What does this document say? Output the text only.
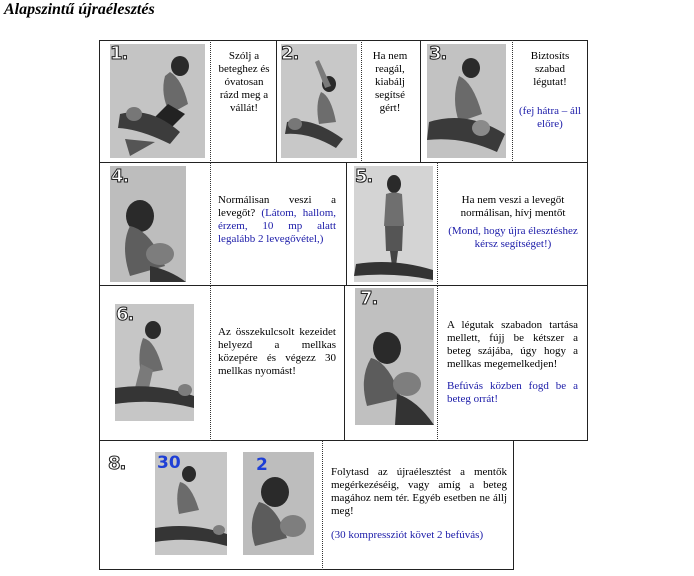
Alapszintű újraélesztés
1.	Szólj a beteghez és óvatosan rázd meg a vállát!
2.	Ha nem reagál, kiabálj segítsé gért!
3.	Biztosíts szabad légutat!
(fej hátra – áll előre)
4.
Normálisan veszi a levegőt? (Látom, hallom, érzem, 10 mp alatt legalább 2 levegővétel,)
5.
Ha nem veszi a levegőt normálisan, hívj mentőt
(Mond, hogy újra élesztéshez kérsz segítséget!)
6.
Az összekulcsolt kezeidet helyezd a mellkas közepére és végezz 30 mellkas nyomást!
7.
A légutak szabadon tartása mellett, fújj be kétszer a beteg szájába, úgy hogy a mellkas megemelkedjen!
Befúvás közben fogd be a beteg orrát!
8. 30	2	Folytasd az újraélesztést a mentők megérkezéséig, vagy amíg a beteg magához nem tér. Egyéb esetben ne állj meg!
(30 kompressziót követ 2 befúvás)
